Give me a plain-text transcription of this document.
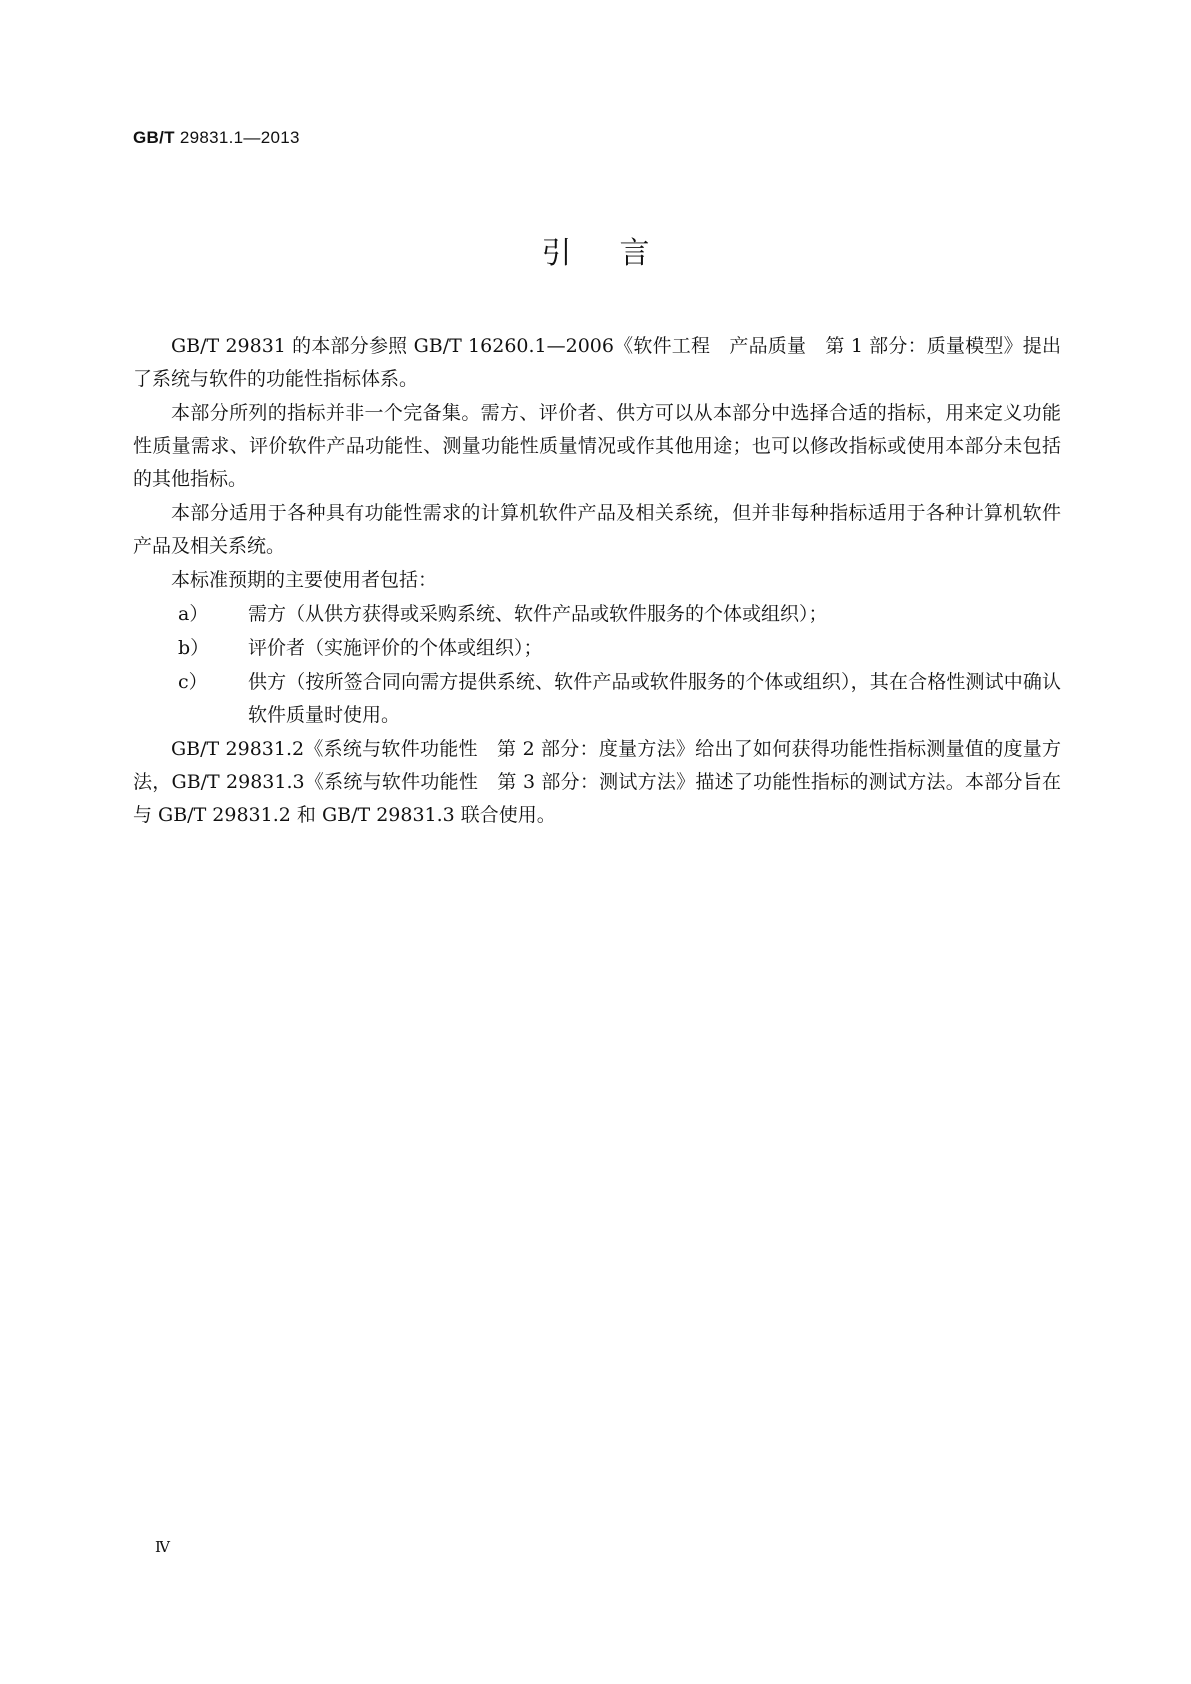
GB/T 29831.1—2013
引言

GB/T 29831 的本部分参照 GB/T 16260.1—2006《软件工程　产品质量　第 1 部分：质量模型》提出了系统与软件的功能性指标体系。

本部分所列的指标并非一个完备集。需方、评价者、供方可以从本部分中选择合适的指标，用来定义功能性质量需求、评价软件产品功能性、测量功能性质量情况或作其他用途；也可以修改指标或使用本部分未包括的其他指标。

本部分适用于各种具有功能性需求的计算机软件产品及相关系统，但并非每种指标适用于各种计算机软件产品及相关系统。

本标准预期的主要使用者包括：

a）	需方（从供方获得或采购系统、软件产品或软件服务的个体或组织）；
b）	评价者（实施评价的个体或组织）；
c）	供方（按所签合同向需方提供系统、软件产品或软件服务的个体或组织），其在合格性测试中确认软件质量时使用。

GB/T 29831.2《系统与软件功能性　第 2 部分：度量方法》给出了如何获得功能性指标测量值的度量方法，GB/T 29831.3《系统与软件功能性　第 3 部分：测试方法》描述了功能性指标的测试方法。本部分旨在与 GB/T 29831.2 和 GB/T 29831.3 联合使用。

Ⅳ
